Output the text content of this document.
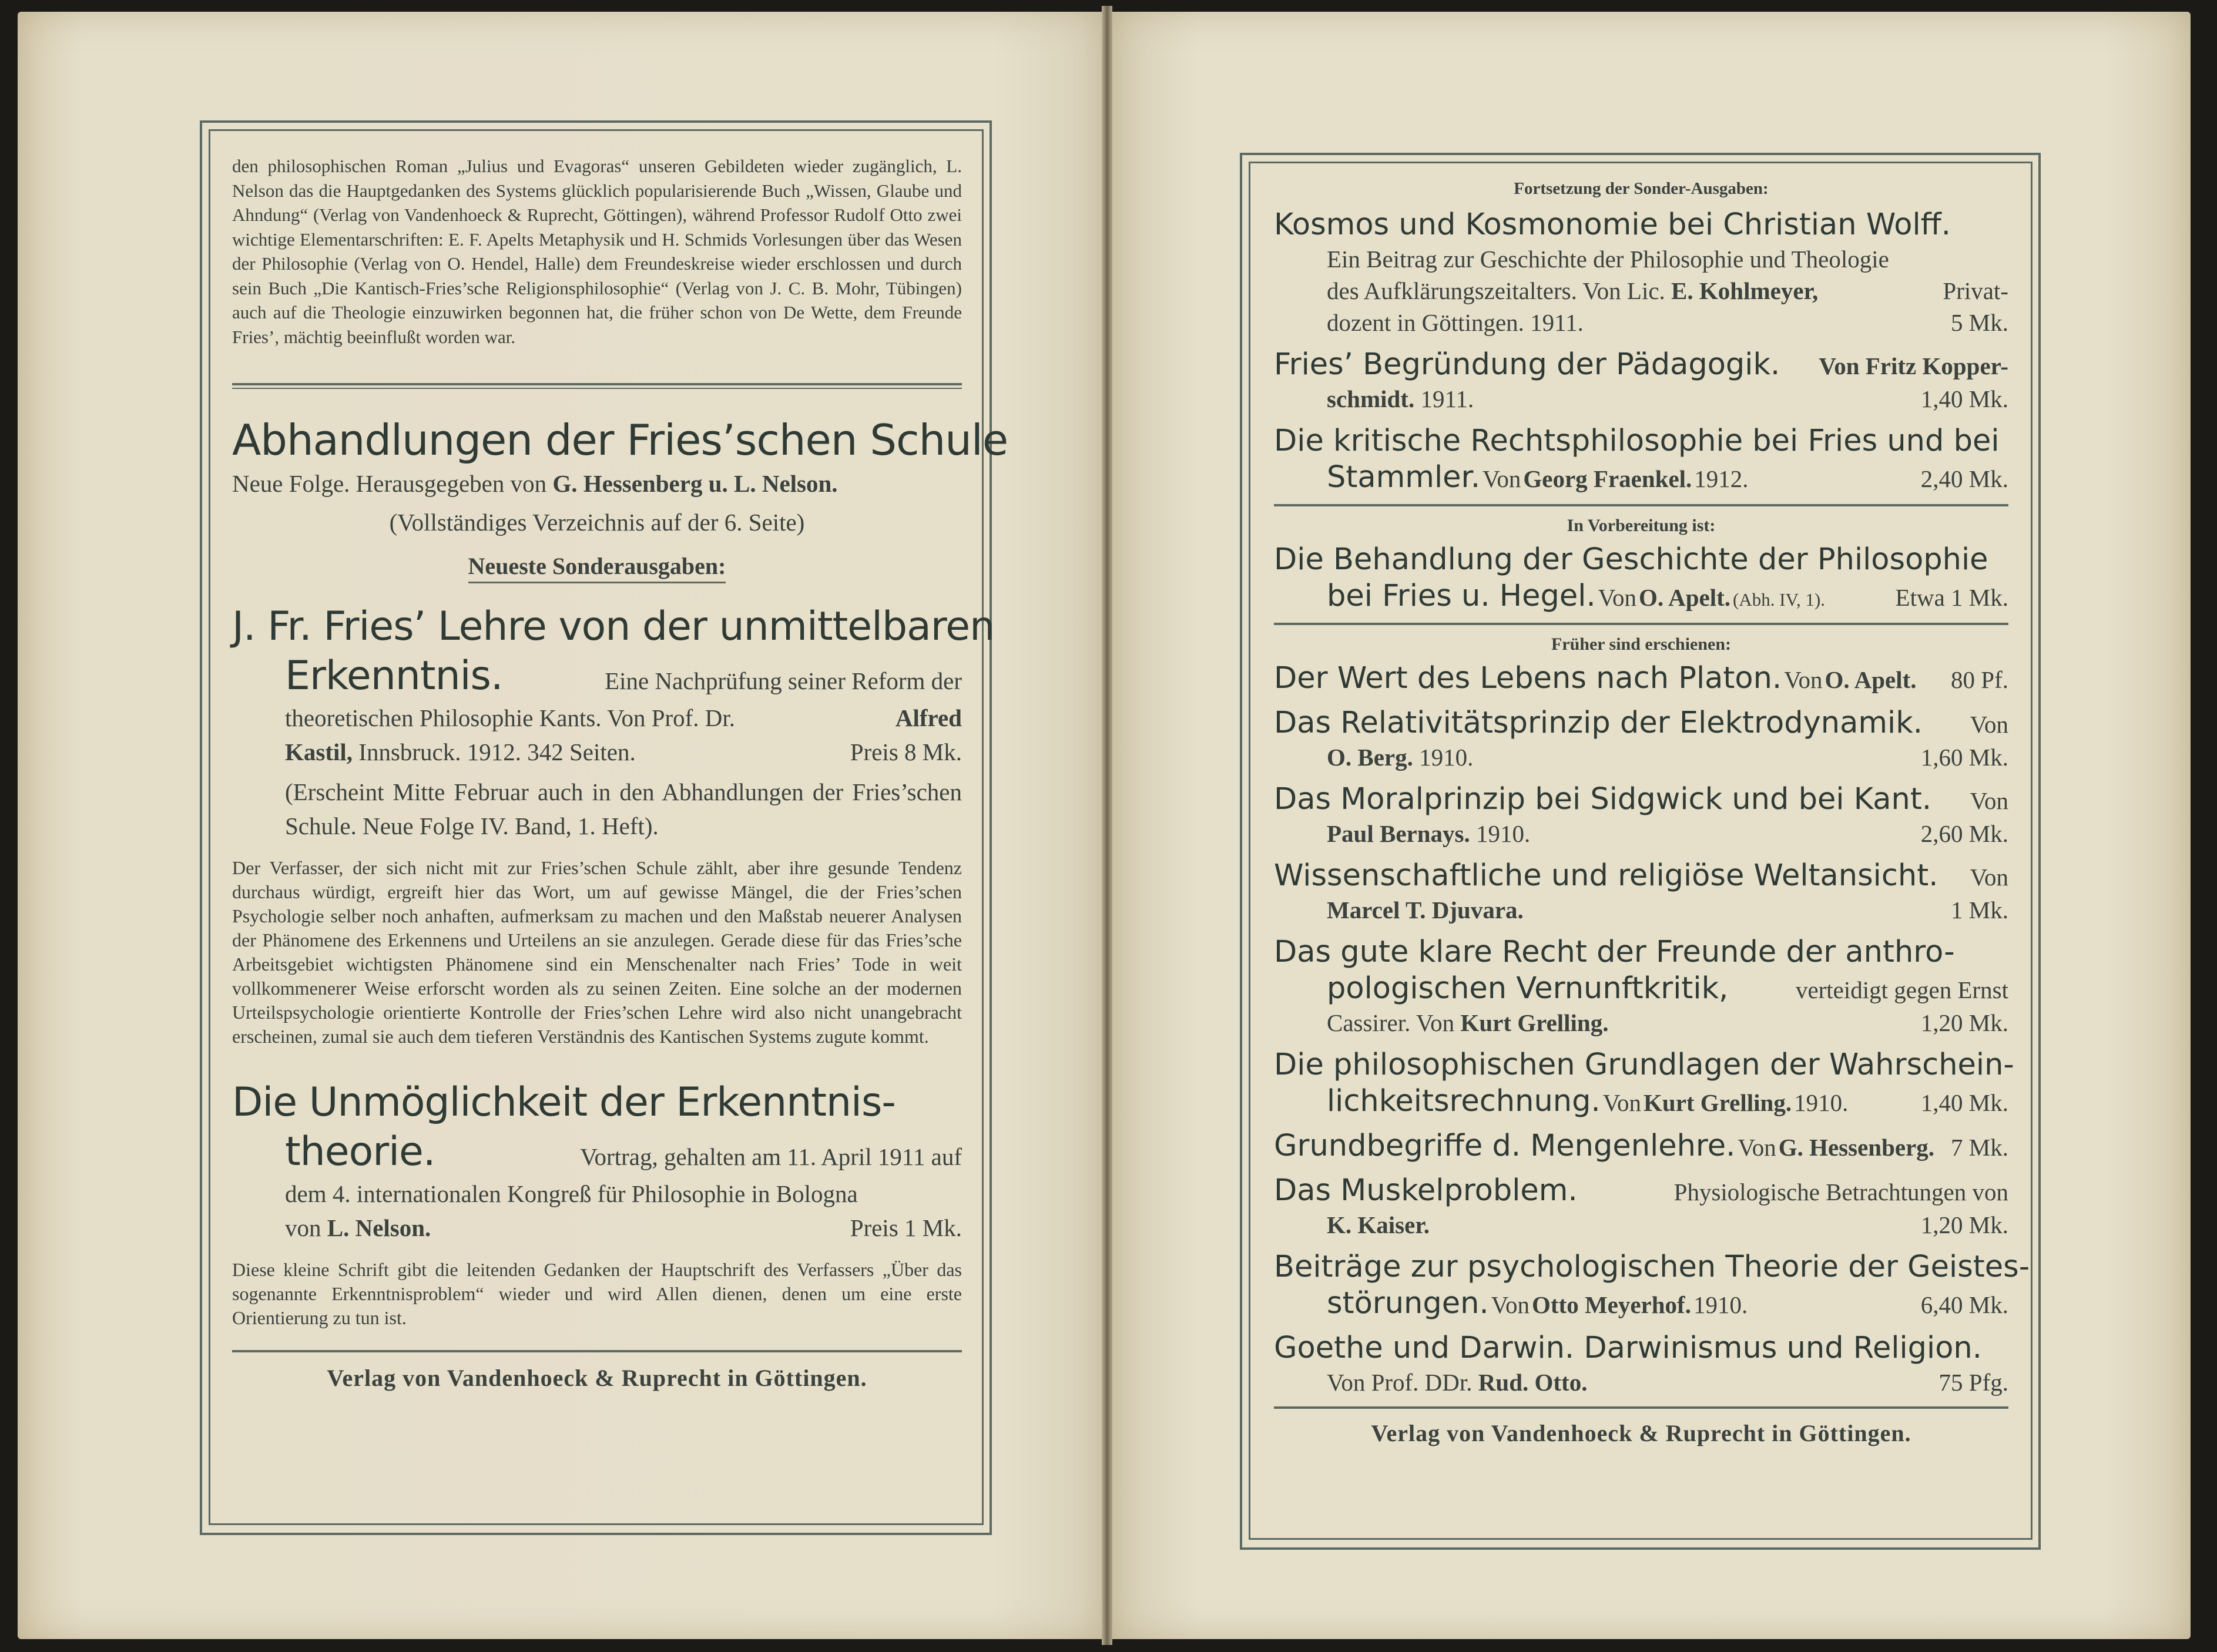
den philosophischen Roman „Julius und Evagoras“ unseren Gebildeten wieder zugänglich, L. Nelson das die Hauptgedanken des Systems glücklich popularisierende Buch „Wissen, Glaube und Ahndung“ (Verlag von Vandenhoeck & Ruprecht, Göttingen), während Professor Rudolf Otto zwei wichtige Elementarschriften: E. F. Apelts Metaphysik und H. Schmids Vorlesungen über das Wesen der Philosophie (Verlag von O. Hendel, Halle) dem Freundeskreise wieder erschlossen und durch sein Buch „Die Kantisch-Fries’sche Religionsphilosophie“ (Verlag von J. C. B. Mohr, Tübingen) auch auf die Theologie einzuwirken begonnen hat, die früher schon von De Wette, dem Freunde Fries’, mächtig beeinflußt worden war.

Abhandlungen der Fries’schen Schule
Neue Folge. Herausgegeben von G. Hessenberg u. L. Nelson.
(Vollständiges Verzeichnis auf der 6. Seite)
Neueste Sonderausgaben:
J. Fr. Fries’ Lehre von der unmittelbaren
Erkenntnis.	Eine Nachprüfung seiner Reform der
theoretischen Philosophie Kants. Von Prof. Dr.	Alfred
Kastil, Innsbruck. 1912. 342 Seiten.	Preis 8 Mk.
(Erscheint Mitte Februar auch in den Abhandlungen der Fries’schen Schule. Neue Folge IV. Band, 1. Heft).
Der Verfasser, der sich nicht mit zur Fries’schen Schule zählt, aber ihre gesunde Tendenz durchaus würdigt, ergreift hier das Wort, um auf gewisse Mängel, die der Fries’schen Psychologie selber noch anhaften, aufmerksam zu machen und den Maßstab neuerer Analysen der Phänomene des Erkennens und Urteilens an sie anzulegen. Gerade diese für das Fries’sche Arbeitsgebiet wichtigsten Phänomene sind ein Menschenalter nach Fries’ Tode in weit vollkommenerer Weise erforscht worden als zu seinen Zeiten. Eine solche an der modernen Urteilspsychologie orientierte Kontrolle der Fries’schen Lehre wird also nicht unangebracht erscheinen, zumal sie auch dem tieferen Verständnis des Kantischen Systems zugute kommt.
Die Unmöglichkeit der Erkenntnis-
theorie.	Vortrag, gehalten am 11. April 1911 auf
dem 4. internationalen Kongreß für Philosophie in Bologna
von L. Nelson.	Preis 1 Mk.
Diese kleine Schrift gibt die leitenden Gedanken der Hauptschrift des Verfassers „Über das sogenannte Erkenntnisproblem“ wieder und wird Allen dienen, denen um eine erste Orientierung zu tun ist.
Verlag von Vandenhoeck & Ruprecht in Göttingen.
Fortsetzung der Sonder-Ausgaben:
Kosmos und Kosmonomie bei Christian Wolff.
Ein Beitrag zur Geschichte der Philosophie und Theologie
des Aufklärungszeitalters. Von Lic. E. Kohlmeyer,	Privat-
dozent in Göttingen. 1911.	5 Mk.
Fries’ Begründung der Pädagogik. Von Fritz Kopper-
schmidt. 1911.	1,40 Mk.
Die kritische Rechtsphilosophie bei Fries und bei
Stammler. Von Georg Fraenkel. 1912.	2,40 Mk.
In Vorbereitung ist:
Die Behandlung der Geschichte der Philosophie
bei Fries u. Hegel. Von O. Apelt. (Abh. IV, 1).	Etwa 1 Mk.
Früher sind erschienen:
Der Wert des Lebens nach Platon. Von O. Apelt. 80 Pf.
Das Relativitätsprinzip der Elektrodynamik. Von
O. Berg. 1910.	1,60 Mk.
Das Moralprinzip bei Sidgwick und bei Kant. Von
Paul Bernays. 1910.	2,60 Mk.
Wissenschaftliche und religiöse Weltansicht. Von
Marcel T. Djuvara.	1 Mk.
Das gute klare Recht der Freunde der anthro-
pologischen Vernunftkritik,	verteidigt gegen Ernst
Cassirer. Von Kurt Grelling.	1,20 Mk.
Die philosophischen Grundlagen der Wahrschein-
lichkeitsrechnung. Von Kurt Grelling. 1910.	1,40 Mk.
Grundbegriffe d. Mengenlehre. Von G. Hessenberg. 7 Mk.
Das Muskelproblem.	Physiologische Betrachtungen von
K. Kaiser.	1,20 Mk.
Beiträge zur psychologischen Theorie der Geistes-
störungen. Von Otto Meyerhof. 1910.	6,40 Mk.
Goethe und Darwin. Darwinismus und Religion.
Von Prof. DDr. Rud. Otto.	75 Pfg.
Verlag von Vandenhoeck & Ruprecht in Göttingen.
